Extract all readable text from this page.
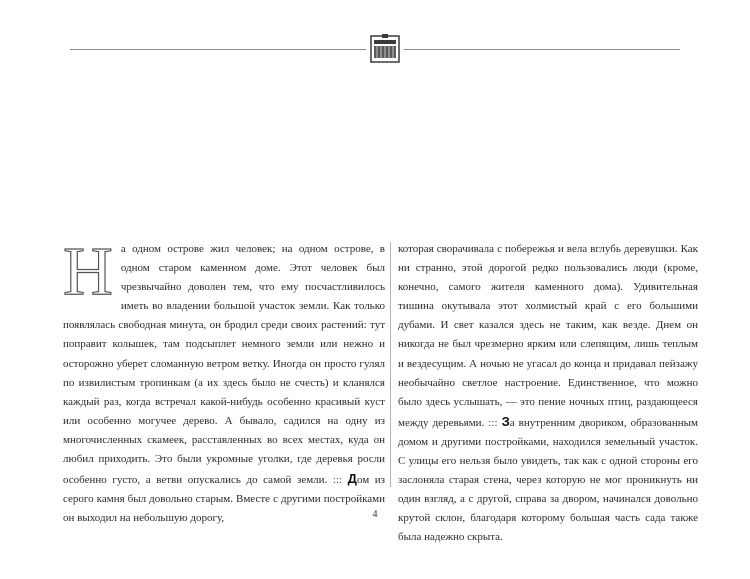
На одном острове жил человек; на одном острове, в одном старом каменном доме. Этот человек был чрезвычайно доволен тем, что ему посчастливилось иметь во владении большой участок земли. Как только появлялась свободная минута, он бродил среди своих растений: тут поправит колышек, там подсыплет немного земли или нежно и осторожно уберет сломанную ветром ветку. Иногда он просто гулял по извилистым тропинкам (а их здесь было не счесть) и кланялся каждый раз, когда встречал какой-нибудь особенно красивый куст или особенно могучее дерево. А бывало, садился на одну из многочисленных скамеек, расставленных во всех местах, куда он любил приходить. Это были укромные уголки, где деревья росли особенно густо, а ветви опускались до самой земли. ::: Дом из серого камня был довольно старым. Вместе с другими постройками он выходил на небольшую дорогу,

которая сворачивала с побережья и вела вглубь деревушки. Как ни странно, этой дорогой редко пользовались люди (кроме, конечно, самого жителя каменного дома). Удивительная тишина окутывала этот холмистый край с его большими дубами. И свет казался здесь не таким, как везде. Днем он никогда не был чрезмерно ярким или слепящим, лишь теплым и вездесущим. А ночью не угасал до конца и придавал пейзажу необычайно светлое настроение. Единственное, что можно было здесь услышать, — это пение ночных птиц, раздающееся между деревьями. ::: За внутренним двориком, образованным домом и другими постройками, находился земельный участок. С улицы его нельзя было увидеть, так как с одной стороны его заслоняла старая стена, через которую не мог проникнуть ни один взгляд, а с другой, справа за двором, начинался довольно крутой склон, благодаря которому большая часть сада также была надежно скрыта.

4
